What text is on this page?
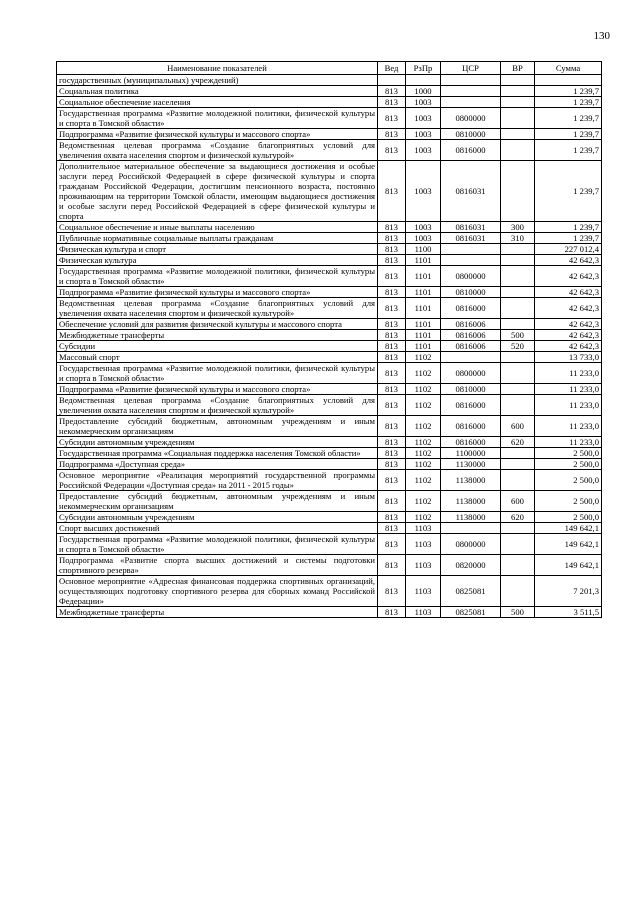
130
Наименование показателей	Вед	РзПр	ЦСР	ВР	Сумма
государственных (муниципальных) учреждений)					
Социальная политика	813	1000			1 239,7
Социальное обеспечение населения	813	1003			1 239,7
Государственная программа «Развитие молодежной политики, физической культуры и спорта в Томской области»	813	1003	0800000		1 239,7
Подпрограмма «Развитие физической культуры и массового спорта»	813	1003	0810000		1 239,7
Ведомственная целевая программа «Создание благоприятных условий для увеличения охвата населения спортом и физической культурой»	813	1003	0816000		1 239,7
Дополнительное материальное обеспечение за выдающиеся достижения и особые заслуги перед Российской Федерацией в сфере физической культуры и спорта гражданам Российской Федерации, достигшим пенсионного возраста, постоянно проживающим на территории Томской области, имеющим выдающиеся достижения и особые заслуги перед Российской Федерацией в сфере физической культуры и спорта	813	1003	0816031		1 239,7
Социальное обеспечение и иные выплаты населению	813	1003	0816031	300	1 239,7
Публичные нормативные социальные выплаты гражданам	813	1003	0816031	310	1 239,7
Физическая культура и спорт	813	1100			227 012,4
Физическая культура	813	1101			42 642,3
Государственная программа «Развитие молодежной политики, физической культуры и спорта в Томской области»	813	1101	0800000		42 642,3
Подпрограмма «Развитие физической культуры и массового спорта»	813	1101	0810000		42 642,3
Ведомственная целевая программа «Создание благоприятных условий для увеличения охвата населения спортом и физической культурой»	813	1101	0816000		42 642,3
Обеспечение условий для развития физической культуры и массового спорта	813	1101	0816006		42 642,3
Межбюджетные трансферты	813	1101	0816006	500	42 642,3
Субсидии	813	1101	0816006	520	42 642,3
Массовый спорт	813	1102			13 733,0
Государственная программа «Развитие молодежной политики, физической культуры и спорта в Томской области»	813	1102	0800000		11 233,0
Подпрограмма «Развитие физической культуры и массового спорта»	813	1102	0810000		11 233,0
Ведомственная целевая программа «Создание благоприятных условий для увеличения охвата населения спортом и физической культурой»	813	1102	0816000		11 233,0
Предоставление субсидий бюджетным, автономным учреждениям и иным некоммерческим организациям	813	1102	0816000	600	11 233,0
Субсидии автономным учреждениям	813	1102	0816000	620	11 233,0
Государственная программа «Социальная поддержка населения Томской области»	813	1102	1100000		2 500,0
Подпрограмма «Доступная среда»	813	1102	1130000		2 500,0
Основное мероприятие «Реализация мероприятий государственной программы Российской Федерации «Доступная среда» на 2011 - 2015 годы»	813	1102	1138000		2 500,0
Предоставление субсидий бюджетным, автономным учреждениям и иным некоммерческим организациям	813	1102	1138000	600	2 500,0
Субсидии автономным учреждениям	813	1102	1138000	620	2 500,0
Спорт высших достижений	813	1103			149 642,1
Государственная программа «Развитие молодежной политики, физической культуры и спорта в Томской области»	813	1103	0800000		149 642,1
Подпрограмма «Развитие спорта высших достижений и системы подготовки спортивного резерва»	813	1103	0820000		149 642,1
Основное мероприятие «Адресная финансовая поддержка спортивных организаций, осуществляющих подготовку спортивного резерва для сборных команд Российской Федерации»	813	1103	0825081		7 201,3
Межбюджетные трансферты	813	1103	0825081	500	3 511,5
